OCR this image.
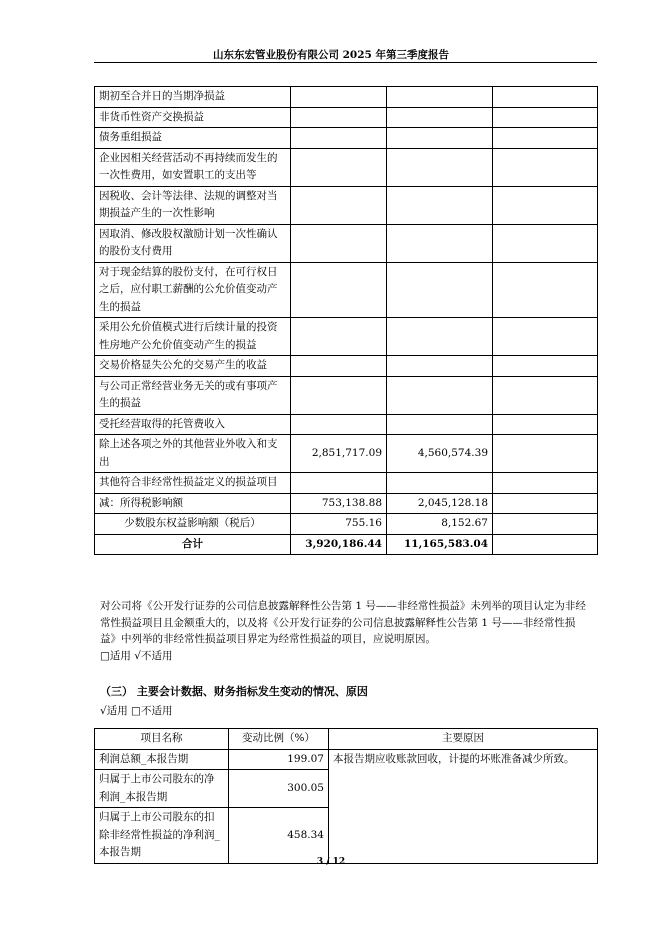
山东东宏管业股份有限公司 2025 年第三季度报告
期初至合并日的当期净损益			
非货币性资产交换损益			
债务重组损益			
企业因相关经营活动不再持续而发生的一次性费用，如安置职工的支出等			
因税收、会计等法律、法规的调整对当期损益产生的一次性影响			
因取消、修改股权激励计划一次性确认的股份支付费用			
对于现金结算的股份支付，在可行权日之后，应付职工薪酬的公允价值变动产生的损益			
采用公允价值模式进行后续计量的投资性房地产公允价值变动产生的损益			
交易价格显失公允的交易产生的收益			
与公司正常经营业务无关的或有事项产生的损益			
受托经营取得的托管费收入			
除上述各项之外的其他营业外收入和支出	2,851,717.09	4,560,574.39	
其他符合非经常性损益定义的损益项目			
减：所得税影响额	753,138.88	2,045,128.18	
少数股东权益影响额（税后）	755.16	8,152.67	
合计	3,920,186.44	11,165,583.04	

对公司将《公开发行证券的公司信息披露解释性公告第 1 号——非经常性损益》未列举的项目认定为非经常性损益项目且金额重大的，以及将《公开发行证券的公司信息披露解释性公告第 1 号——非经常性损益》中列举的非经常性损益项目界定为经常性损益的项目，应说明原因。

□适用 √不适用

（三） 主要会计数据、财务指标发生变动的情况、原因
√适用 □不适用
项目名称	变动比例（%）	主要原因
利润总额_本报告期	199.07	本报告期应收账款回收，计提的坏账准备减少所致。
归属于上市公司股东的净利润_本报告期	300.05	
归属于上市公司股东的扣除非经常性损益的净利润_本报告期	458.34	
3 / 12
